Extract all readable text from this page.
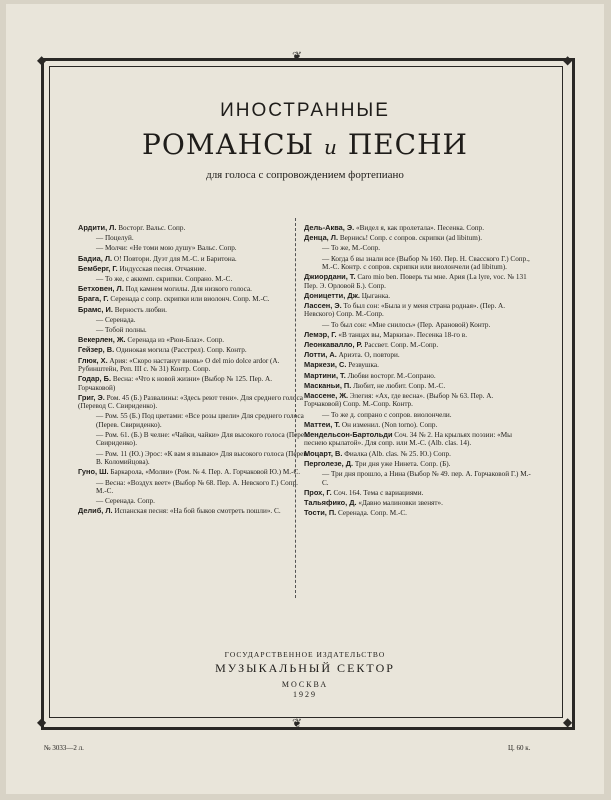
❦
❦
◆	◆
◆	◆
ИНОСТРАННЫЕ
РОМАНСЫ и ПЕСНИ
для голоса с сопровождением фортепиано
Ардити, Л. Восторг. Вальс. Сопр.
— Поцелуй.
— Молчи: «Не томи мою душу» Вальс. Сопр.
Бадиа, Л. О! Повтори. Дуэт для М.-С. и Баритона.
Бемберг, Г. Индусская песня. Отчаяние.
— То же, с аккомп. скрипки. Сопрано. М.-С.
Бетховен, Л. Под камнем могилы. Для низкого голоса.
Брага, Г. Серенада с сопр. скрипки или виолонч. Сопр. М.-С.
Брамс, И. Верность любви.
— Серенада.
— Тобой полны.
Векерлен, Ж. Серенада из «Рюи-Блаз». Сопр.
Гейзер, В. Одинокая могила (Расстрел). Сопр. Контр.
Глюк, Х. Ария: «Скоро настанут вновь» О del mio dolce ardor (А. Рубинштейн, Реп. III с. № 31) Контр. Сопр.
Годар, Б. Весна: «Что к новой жизни» (Выбор № 125. Пер. А. Горчаковой)
Григ, Э. Ром. 45 (Б.) Развалины: «Здесь реют тени». Для среднего голоса (Перевод С. Свириденко).
— Ром. 55 (Б.) Под цветами: «Все розы цвели» Для среднего голоса (Перев. Свириденко).
— Ром. 61. (Б.) В челне: «Чайки, чайки» Для высокого голоса (Перев. Свириденко).
— Ром. 11 (Ю.) Эрос: «К вам я взываю» Для высокого голоса (Перев. В. Коломийцова).
Гуно, Ш. Баркарола, «Молви» (Ром. № 4. Пер. А. Горчаковой Ю.) М.-С.
— Весна: «Воздух веет» (Выбор № 68. Пер. А. Невского Г.) Сопр. М.-С.
— Серенада. Сопр.
Делиб, Л. Испанская песня: «На бой быков смотреть пошли». С.
Дель-Аква, Э. «Видел я, как пролетала». Песенка. Сопр.
Денца, Л. Вернись! Сопр. с сопров. скрипки (ad libitum).
— То же, М.-Сопр.
— Когда б вы знали все (Выбор № 160. Пер. Н. Свасского Г.) Сопр., М.-С. Контр. с сопров. скрипки или виолончели (ad libitum).
Джиордани, Т. Caro mio ben. Поверь ты мне. Ария (La lyre, voc. № 131 Пер. Э. Орловой Б.). Сопр.
Доницетти, Дж. Цыганка.
Лассен, Э. То был сон: «Была и у меня страна родная». (Пер. А. Невского) Сопр. М.-Сопр.
— То был сон: «Мне снилось» (Пер. Арановой) Контр.
Лемэр, Г. «В танцах вы, Маркиза». Песенка 18-го в.
Леонкавалло, Р. Рассвет. Сопр. М.-Сопр.
Лотти, А. Ариэта. О, повтори.
Маркези, С. Резвушка.
Мартини, Т. Любви восторг. М.-Сопрано.
Масканьи, П. Любит, не любит. Сопр. М.-С.
Массене, Ж. Элегия: «Ах, где весна». (Выбор № 63. Пер. А. Горчаковой) Сопр. М.-Сопр. Контр.
— То же д. сопрано с сопров. виолончели.
Маттеи, Т. Он изменил. (Non torno). Сопр.
Мендельсон-Бартольди Соч. 34 № 2. На крыльях поэзии: «Мы песнею крылатой». Для сопр. или М.-С. (Alb. clas. 14).
Моцарт, В. Фиалка (Alb. clas. № 25. Ю.) Сопр.
Перголезе, Д. Три дня уже Нинета. Сопр. (Б).
— Три дня прошло, а Нина (Выбор № 49. пер. А. Горчаковой Г.) М.-С.
Прох, Г. Соч. 164. Тема с вариациями.
Тальяфико, Д. «Давно малиновки звенят».
Тости, П. Серенада. Сопр. М.-С.
ГОСУДАРСТВЕННОЕ ИЗДАТЕЛЬСТВО
МУЗЫКАЛЬНЫЙ СЕКТОР
МОСКВА
1929
№ 3033—2 л.	Ц. 60 к.
